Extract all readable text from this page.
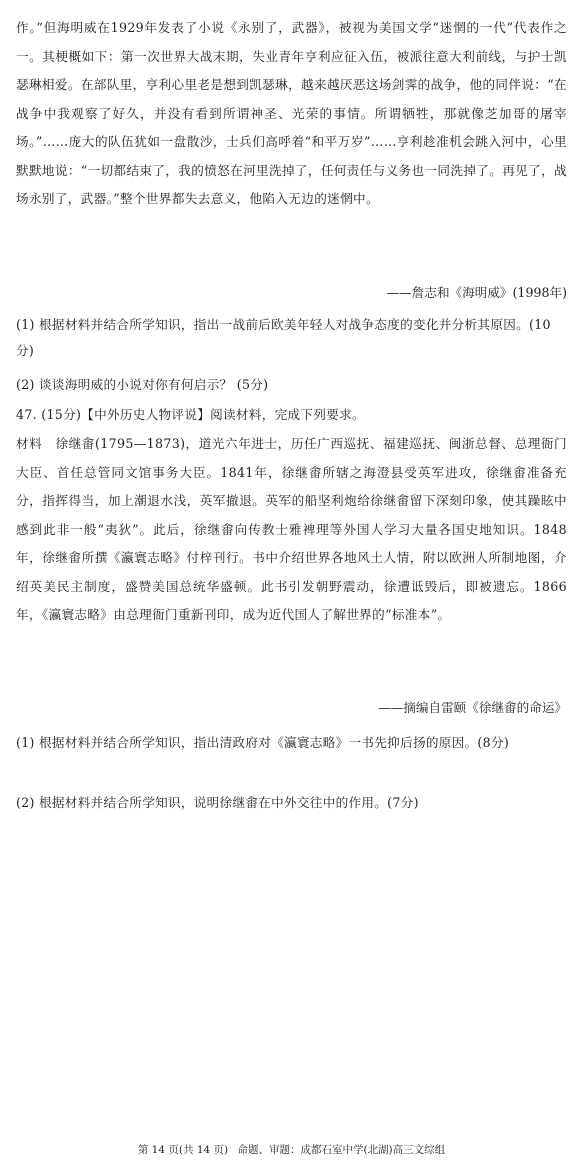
作。”但海明威在1929年发表了小说《永别了，武器》，被视为美国文学“迷惘的一代”代表作之一。其梗概如下：第一次世界大战末期，失业青年亨利应征入伍，被派往意大利前线，与护士凯瑟琳相爱。在部队里，亨利心里老是想到凯瑟琳，越来越厌恶这场剑霁的战争，他的同伴说：“在战争中我观察了好久，并没有看到所谓神圣、光荣的事情。所谓牺牲，那就像芝加哥的屠宰场。”……庞大的队伍犹如一盘散沙，士兵们高呼着“和平万岁”……亨利趁准机会跳入河中，心里默默地说：“一切都结束了，我的愤怒在河里洗掉了，任何责任与义务也一同洗掉了。再见了，战场永别了，武器。”整个世界都失去意义，他陷入无边的迷惘中。

——詹志和《海明威》(1998年)

(1) 根据材料并结合所学知识，指出一战前后欧美年轻人对战争态度的变化并分析其原因。(10分)

(2) 谈谈海明威的小说对你有何启示？ (5分)

47. (15分)【中外历史人物评说】阅读材料，完成下列要求。

材料　徐继畬(1795—1873)，道光六年进士，历任广西巡抚、福建巡抚、闽浙总督、总理衙门大臣、首任总管同文馆事务大臣。1841年，徐继畬所辖之海澄县受英军进攻，徐继畬准备充分，指挥得当，加上潮退水浅，英军撤退。英军的船坚利炮给徐继畬留下深刻印象，使其躁眩中感到此非一般“夷狄”。此后，徐继畬向传教士雅裨理等外国人学习大量各国史地知识。1848年，徐继畬所撰《瀛寰志略》付梓刊行。书中介绍世界各地风土人情，附以欧洲人所制地图，介绍英美民主制度，盛赞美国总统华盛顿。此书引发朝野震动，徐遭诋毁后，即被遗忘。1866年，《瀛寰志略》由总理衙门重新刊印，成为近代国人了解世界的“标准本”。

——摘编自雷颐《徐继畬的命运》

(1) 根据材料并结合所学知识，指出清政府对《瀛寰志略》一书先抑后扬的原因。(8分)

(2) 根据材料并结合所学知识，说明徐继畬在中外交往中的作用。(7分)

第 14 页(共 14 页) 命题、审题：成都石室中学(北湖)高三文综组
